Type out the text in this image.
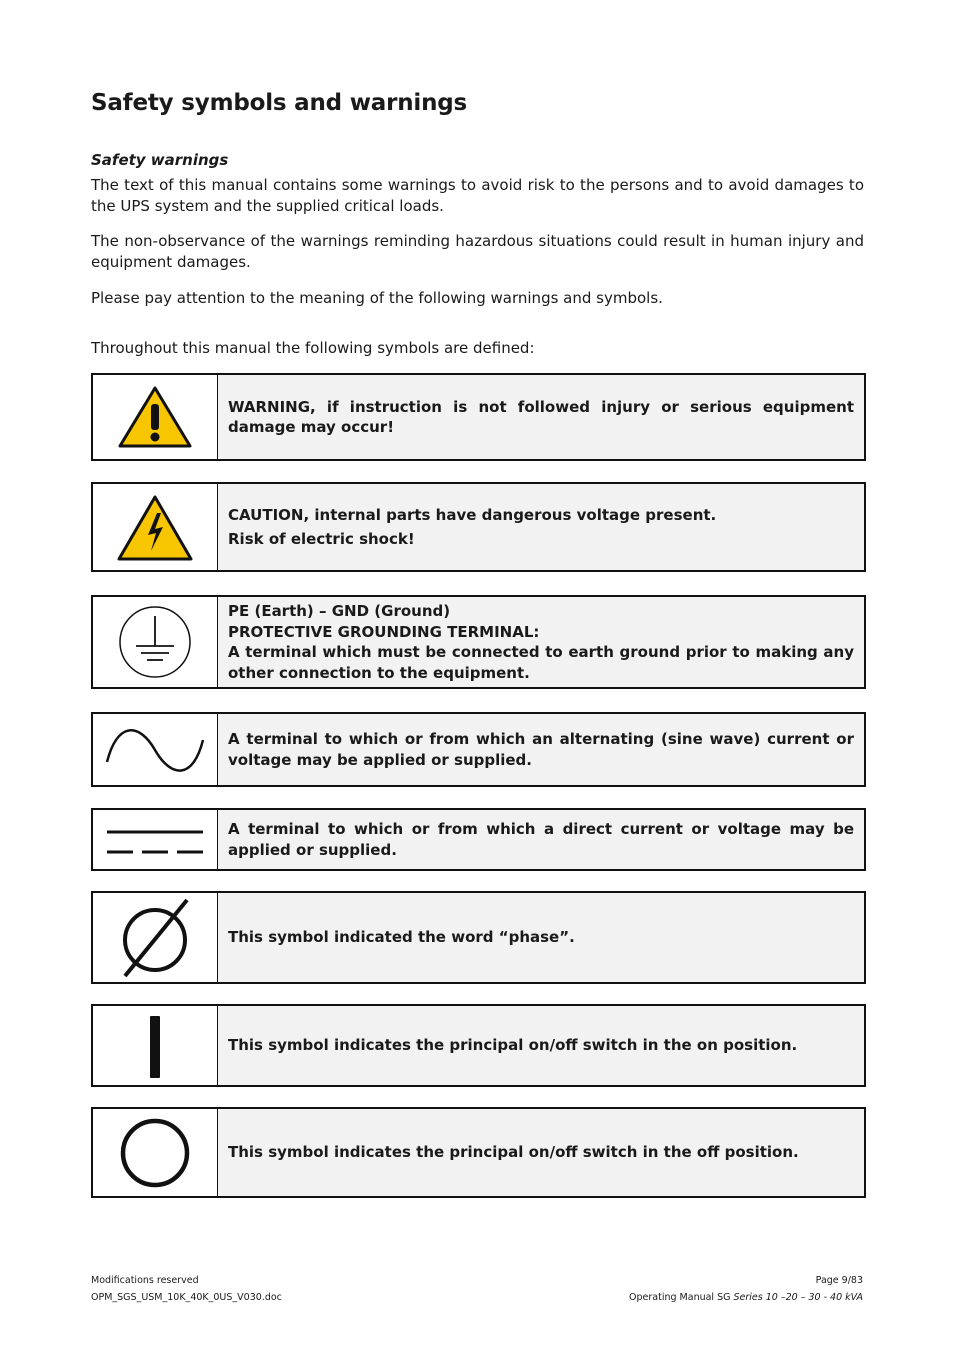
Safety symbols and warnings
Safety warnings

The text of this manual contains some warnings to avoid risk to the persons and to avoid damages to the UPS system and the supplied critical loads.

The non-observance of the warnings reminding hazardous situations could result in human injury and equipment damages.

Please pay attention to the meaning of the following warnings and symbols.

Throughout this manual the following symbols are defined:

WARNING, if instruction is not followed injury or serious equipment damage may occur!
CAUTION, internal parts have dangerous voltage present.
Risk of electric shock!
PE (Earth) – GND (Ground)
PROTECTIVE GROUNDING TERMINAL:
A terminal which must be connected to earth ground prior to making any other connection to the equipment.
A terminal to which or from which an alternating (sine wave) current or voltage may be applied or supplied.
A terminal to which or from which a direct current or voltage may be applied or supplied.
This symbol indicated the word “phase”.
This symbol indicates the principal on/off switch in the on position.
This symbol indicates the principal on/off switch in the off position.
Modifications reserved
OPM_SGS_USM_10K_40K_0US_V030.doc
Page 9/83
Operating Manual SG Series 10 –20 – 30 - 40 kVA
